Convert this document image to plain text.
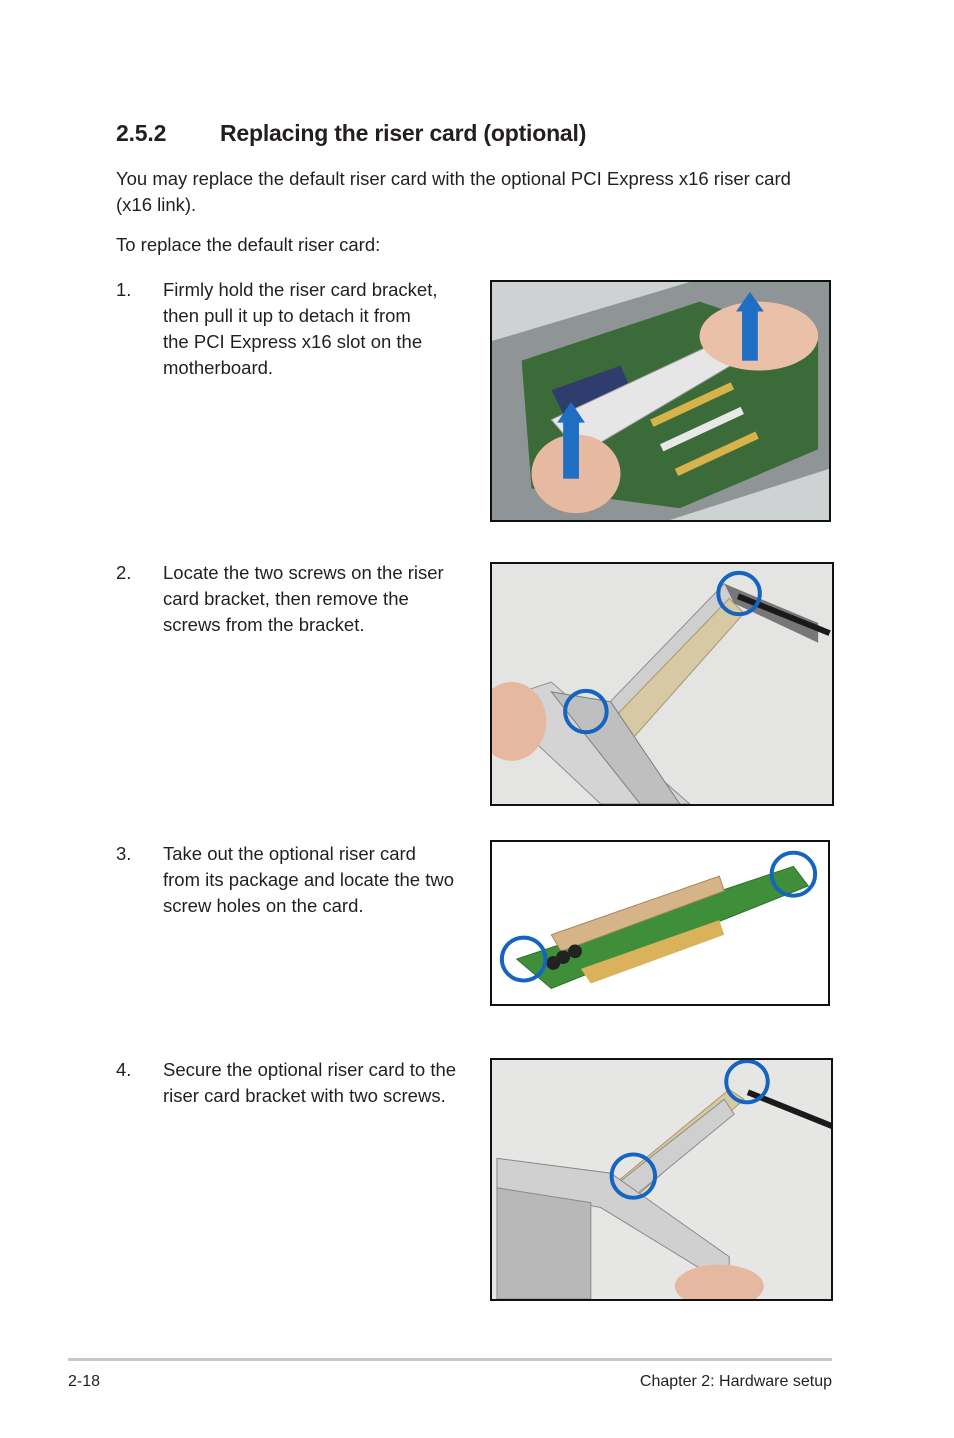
2.5.2 Replacing the riser card (optional)
You may replace the default riser card with the optional PCI Express x16 riser card
(x16 link).
To replace the default riser card:
1. Firmly hold the riser card bracket,
then pull it up to detach it from
the PCI Express x16 slot on the
motherboard.
2. Locate the two screws on the riser
card bracket, then remove the
screws from the bracket.
3. Take out the optional riser card
from its package and locate the two
screw holes on the card.
4. Secure the optional riser card to the
riser card bracket with two screws.
2-18	Chapter 2: Hardware setup
